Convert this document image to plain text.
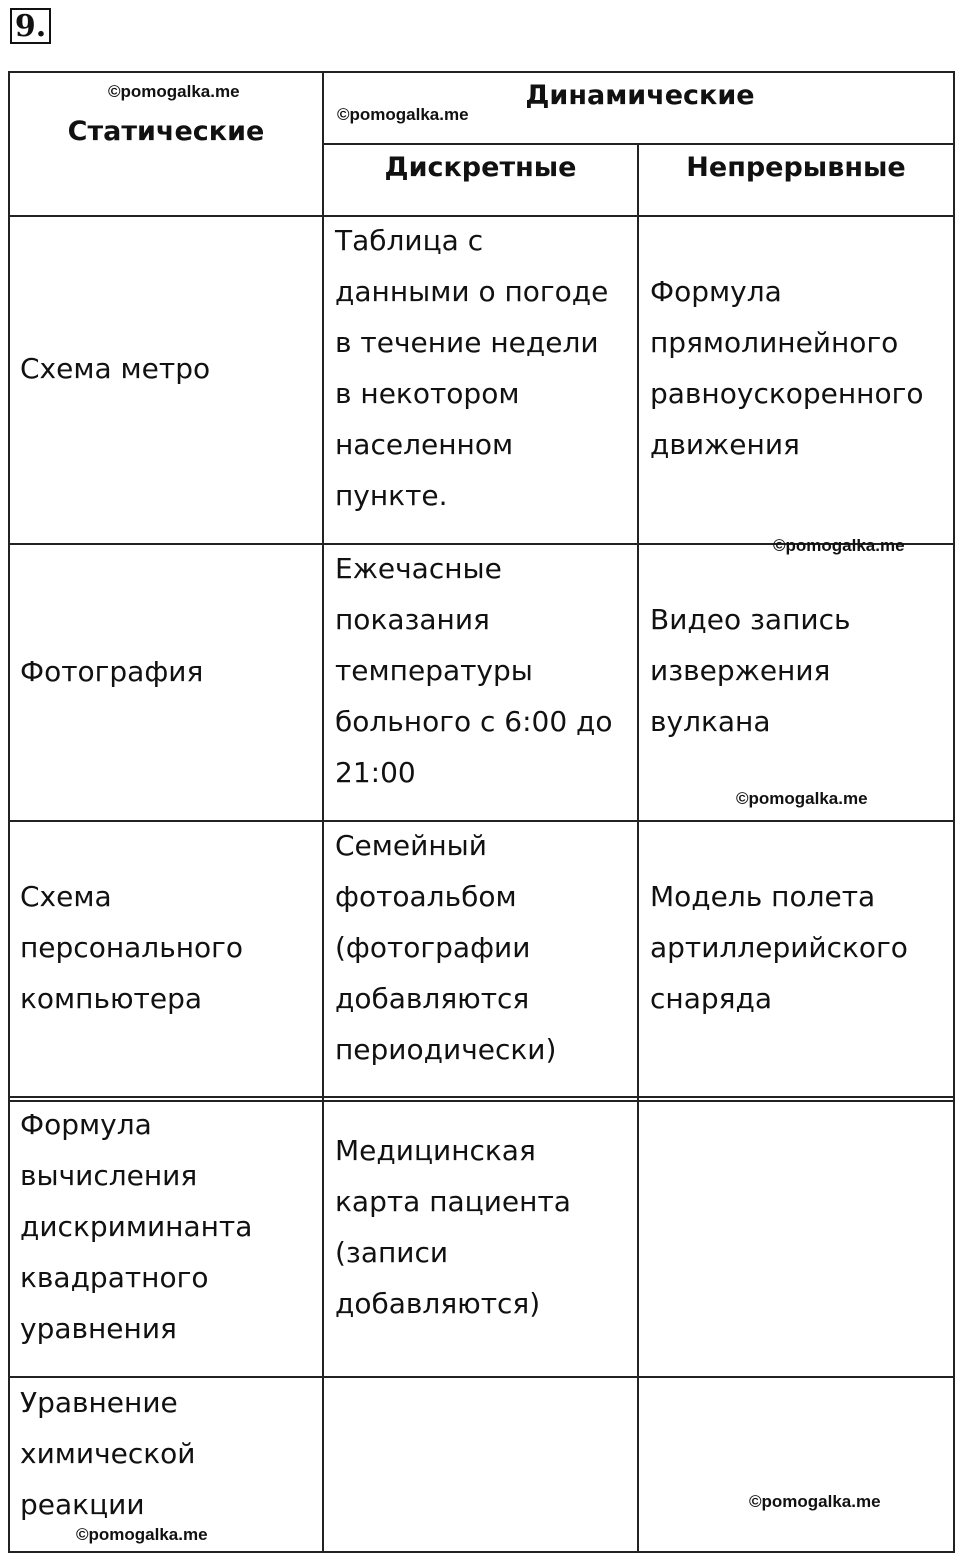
9.
Статические
Динамические
Дискретные	Непрерывные
Схема метро
Таблица с
данными о погоде
в течение недели
в некотором
населенном
пункте.
Формула
прямолинейного
равноускоренного
движения
Фотография
Ежечасные
показания
температуры
больного с 6:00 до
21:00
Видео запись
извержения
вулкана
Схема
персонального
компьютера
Семейный
фотоальбом
(фотографии
добавляются
периодически)
Модель полета
артиллерийского
снаряда
Формула
вычисления
дискриминанта
квадратного
уравнения
Медицинская
карта пациента
(записи
добавляются)
Уравнение
химической
реакции
©pomogalka.me
©pomogalka.me
©pomogalka.me
©pomogalka.me
©pomogalka.me
©pomogalka.me
